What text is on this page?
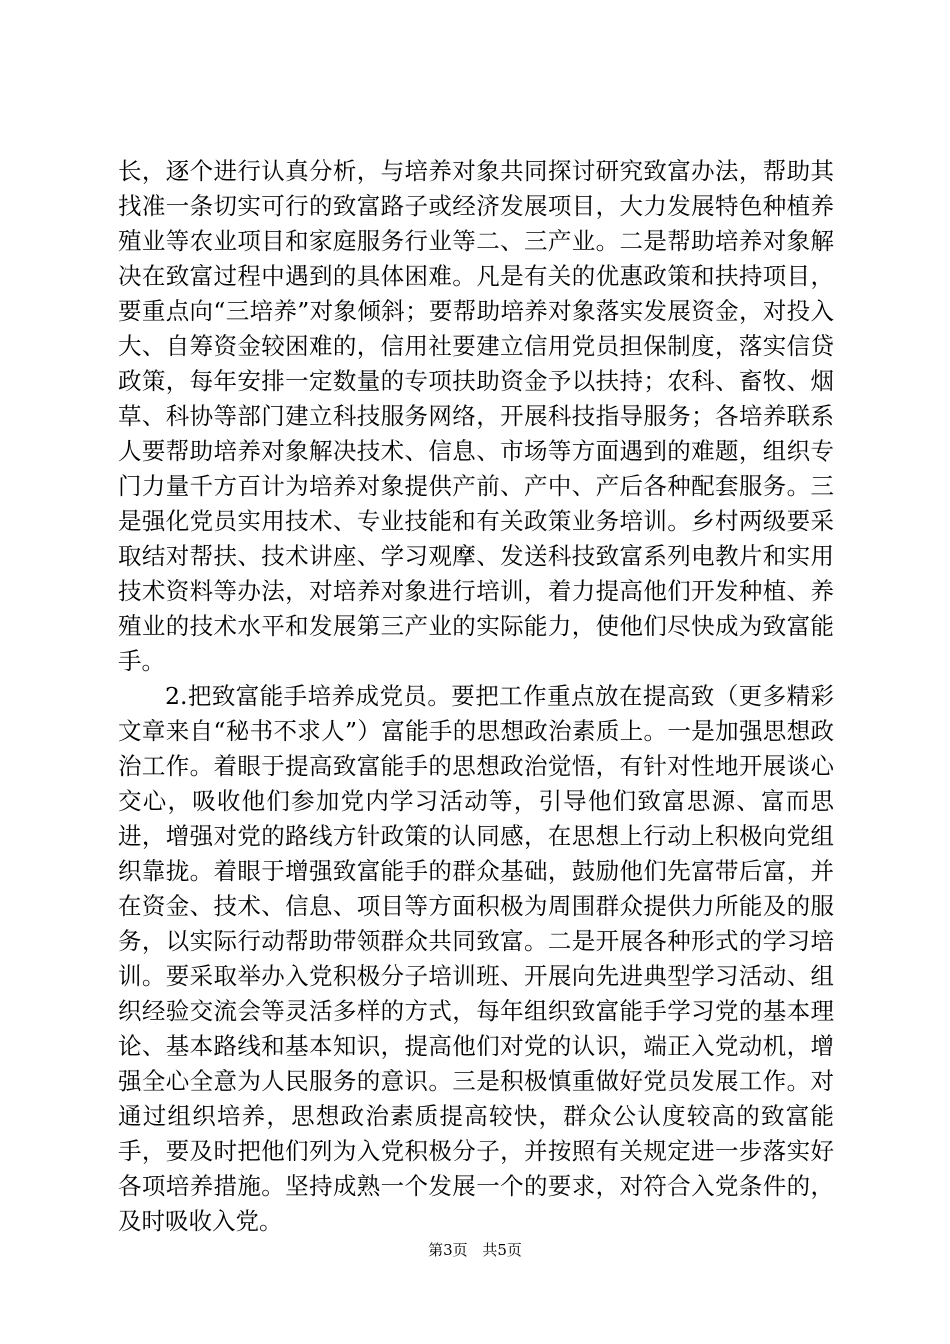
长，逐个进行认真分析，与培养对象共同探讨研究致富办法，帮助其找准一条切实可行的致富路子或经济发展项目，大力发展特色种植养殖业等农业项目和家庭服务行业等二、三产业。二是帮助培养对象解决在致富过程中遇到的具体困难。凡是有关的优惠政策和扶持项目，要重点向“三培养”对象倾斜；要帮助培养对象落实发展资金，对投入大、自筹资金较困难的，信用社要建立信用党员担保制度，落实信贷政策，每年安排一定数量的专项扶助资金予以扶持；农科、畜牧、烟草、科协等部门建立科技服务网络，开展科技指导服务；各培养联系人要帮助培养对象解决技术、信息、市场等方面遇到的难题，组织专门力量千方百计为培养对象提供产前、产中、产后各种配套服务。三是强化党员实用技术、专业技能和有关政策业务培训。乡村两级要采取结对帮扶、技术讲座、学习观摩、发送科技致富系列电教片和实用技术资料等办法，对培养对象进行培训，着力提高他们开发种植、养殖业的技术水平和发展第三产业的实际能力，使他们尽快成为致富能手。

2.把致富能手培养成党员。要把工作重点放在提高致（更多精彩文章来自“秘书不求人”）富能手的思想政治素质上。一是加强思想政治工作。着眼于提高致富能手的思想政治觉悟，有针对性地开展谈心交心，吸收他们参加党内学习活动等，引导他们致富思源、富而思进，增强对党的路线方针政策的认同感，在思想上行动上积极向党组织靠拢。着眼于增强致富能手的群众基础，鼓励他们先富带后富，并在资金、技术、信息、项目等方面积极为周围群众提供力所能及的服务，以实际行动帮助带领群众共同致富。二是开展各种形式的学习培训。要采取举办入党积极分子培训班、开展向先进典型学习活动、组织经验交流会等灵活多样的方式，每年组织致富能手学习党的基本理论、基本路线和基本知识，提高他们对党的认识，端正入党动机，增强全心全意为人民服务的意识。三是积极慎重做好党员发展工作。对通过组织培养，思想政治素质提高较快，群众公认度较高的致富能手，要及时把他们列为入党积极分子，并按照有关规定进一步落实好各项培养措施。坚持成熟一个发展一个的要求，对符合入党条件的，及时吸收入党。

第3页 共5页
